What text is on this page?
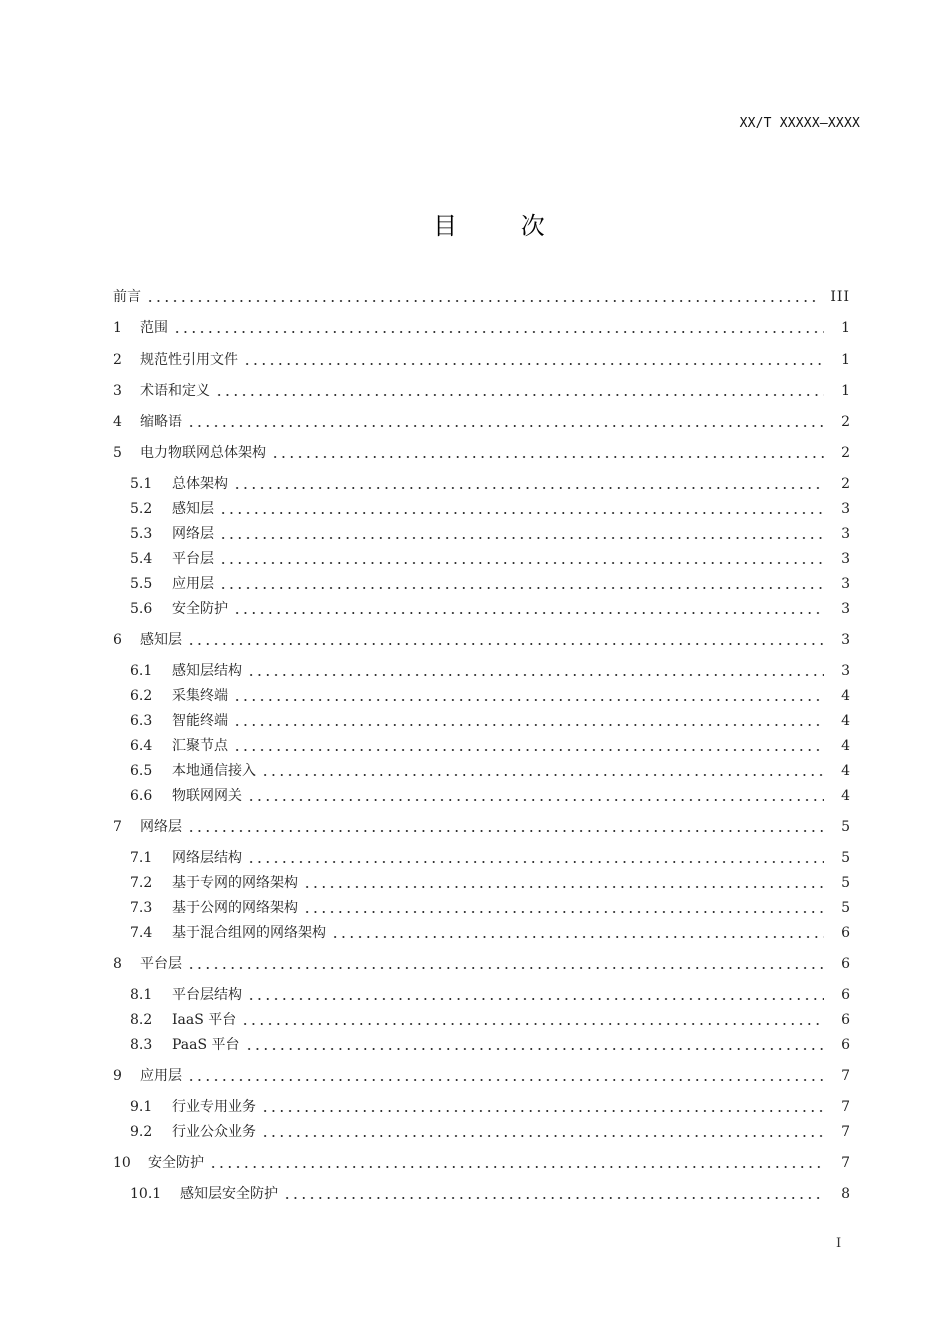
XX/T XXXXX—XXXX
目 次
前言	III
1	范围	1
2	规范性引用文件	1
3	术语和定义	1
4	缩略语	2
5	电力物联网总体架构	2
5.1	总体架构	2
5.2	感知层	3
5.3	网络层	3
5.4	平台层	3
5.5	应用层	3
5.6	安全防护	3
6	感知层	3
6.1	感知层结构	3
6.2	采集终端	4
6.3	智能终端	4
6.4	汇聚节点	4
6.5	本地通信接入	4
6.6	物联网网关	4
7	网络层	5
7.1	网络层结构	5
7.2	基于专网的网络架构	5
7.3	基于公网的网络架构	5
7.4	基于混合组网的网络架构	6
8	平台层	6
8.1	平台层结构	6
8.2	IaaS 平台	6
8.3	PaaS 平台	6
9	应用层	7
9.1	行业专用业务	7
9.2	行业公众业务	7
10	安全防护	7
10.1	感知层安全防护	8
I
